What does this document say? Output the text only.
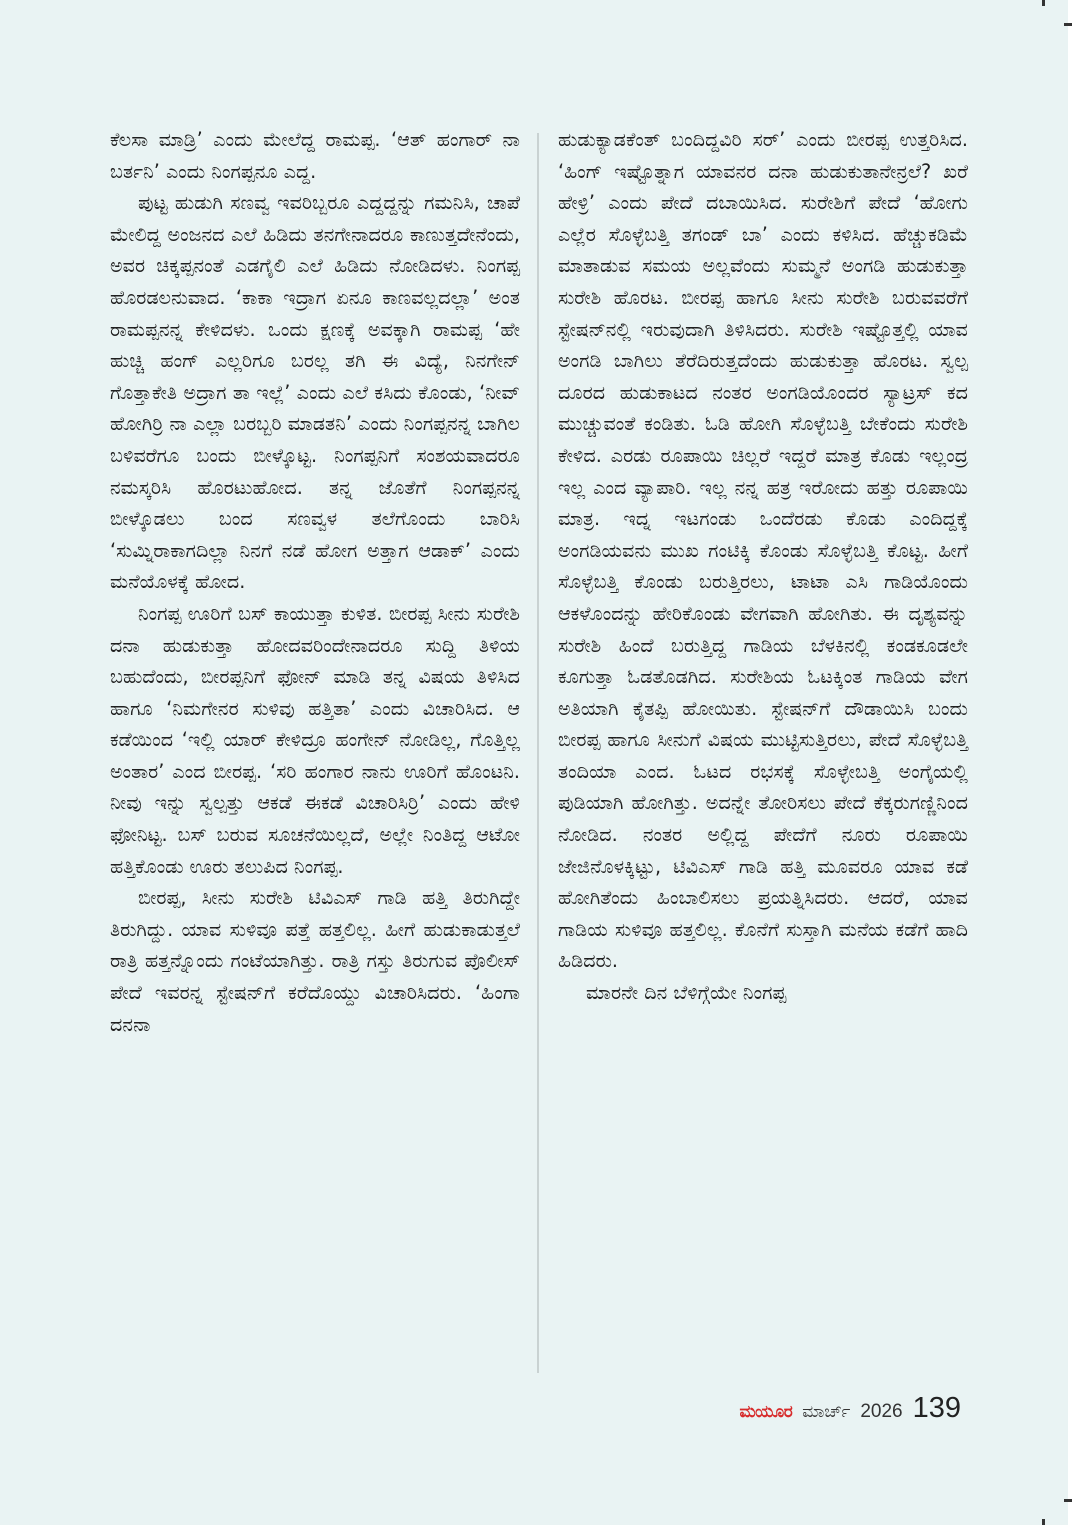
ಕೆಲಸಾ ಮಾಡ್ರಿ’ ಎಂದು ಮೇಲೆದ್ದ ರಾಮಪ್ಪ. ‘ಆತ್ ಹಂಗಾರ್ ನಾ ಬರ್ತನಿ’ ಎಂದು ನಿಂಗಪ್ಪನೂ ಎದ್ದ.

ಪುಟ್ಟ ಹುಡುಗಿ ಸಣವ್ವ ಇವರಿಬ್ಬರೂ ಎದ್ದದ್ದನ್ನು ಗಮನಿಸಿ, ಚಾಪೆ ಮೇಲಿದ್ದ ಅಂಜನದ ಎಲೆ ಹಿಡಿದು ತನಗೇನಾದರೂ ಕಾಣುತ್ತದೇನೆಂದು, ಅವರ ಚಿಕ್ಕಪ್ಪನಂತೆ ಎಡಗೈಲಿ ಎಲೆ ಹಿಡಿದು ನೋಡಿದಳು. ನಿಂಗಪ್ಪ ಹೊರಡಲನುವಾದ. ‘ಕಾಕಾ ಇದ್ರಾಗ ಏನೂ ಕಾಣವಲ್ಲದಲ್ಲಾ’ ಅಂತ ರಾಮಪ್ಪನನ್ನ ಕೇಳಿದಳು. ಒಂದು ಕ್ಷಣಕ್ಕೆ ಅವಕ್ಕಾಗಿ ರಾಮಪ್ಪ ‘ಹೇ ಹುಚ್ಚಿ ಹಂಗ್ ಎಲ್ಲರಿಗೂ ಬರಲ್ಲ ತಗಿ ಈ ವಿದ್ಯೆ, ನಿನಗೇನ್ ಗೊತ್ತಾಕೇತಿ ಅದ್ರಾಗ ತಾ ಇಲ್ಲೆ’ ಎಂದು ಎಲೆ ಕಸಿದು ಕೊಂಡು, ‘ನೀವ್ ಹೋಗಿರ್ರಿ ನಾ ಎಲ್ಲಾ ಬರಬ್ಬರಿ ಮಾಡತನಿ’ ಎಂದು ನಿಂಗಪ್ಪನನ್ನ ಬಾಗಿಲ ಬಳಿವರೆಗೂ ಬಂದು ಬೀಳ್ಕೊಟ್ಟ. ನಿಂಗಪ್ಪನಿಗೆ ಸಂಶಯವಾದರೂ ನಮಸ್ಕರಿಸಿ ಹೊರಟುಹೋದ. ತನ್ನ ಜೊತೆಗೆ ನಿಂಗಪ್ಪನನ್ನ ಬೀಳ್ಕೊಡಲು ಬಂದ ಸಣವ್ವಳ ತಲೆಗೊಂದು ಬಾರಿಸಿ ‘ಸುಮ್ನಿರಾಕಾಗದಿಲ್ಲಾ ನಿನಗೆ ನಡೆ ಹೋಗ ಅತ್ತಾಗ ಆಡಾಕ್’ ಎಂದು ಮನೆಯೊಳಕ್ಕೆ ಹೋದ.

ನಿಂಗಪ್ಪ ಊರಿಗೆ ಬಸ್ ಕಾಯುತ್ತಾ ಕುಳಿತ. ಬೀರಪ್ಪ ಸೀನು ಸುರೇಶಿ ದನಾ ಹುಡುಕುತ್ತಾ ಹೋದವರಿಂದೇನಾದರೂ ಸುದ್ದಿ ತಿಳಿಯ ಬಹುದೆಂದು, ಬೀರಪ್ಪನಿಗೆ ಫೋನ್ ಮಾಡಿ ತನ್ನ ವಿಷಯ ತಿಳಿಸಿದ ಹಾಗೂ ‘ನಿಮಗೇನರ ಸುಳಿವು ಹತ್ತಿತಾ’ ಎಂದು ವಿಚಾರಿಸಿದ. ಆ ಕಡೆಯಿಂದ ‘ಇಲ್ಲಿ ಯಾರ್ ಕೇಳಿದ್ರೂ ಹಂಗೇನ್ ನೋಡಿಲ್ಲ, ಗೊತ್ತಿಲ್ಲ ಅಂತಾರ’ ಎಂದ ಬೀರಪ್ಪ. ‘ಸರಿ ಹಂಗಾರ ನಾನು ಊರಿಗೆ ಹೊಂಟನಿ. ನೀವು ಇನ್ನು ಸ್ವಲ್ಪತ್ತು ಆಕಡೆ ಈಕಡೆ ವಿಚಾರಿಸಿರ್ರಿ’ ಎಂದು ಹೇಳಿ ಫೋನಿಟ್ಟ. ಬಸ್ ಬರುವ ಸೂಚನೆಯಿಲ್ಲದೆ, ಅಲ್ಲೇ ನಿಂತಿದ್ದ ಆಟೋ ಹತ್ತಿಕೊಂಡು ಊರು ತಲುಪಿದ ನಿಂಗಪ್ಪ.

ಬೀರಪ್ಪ, ಸೀನು ಸುರೇಶಿ ಟಿವಿಎಸ್ ಗಾಡಿ ಹತ್ತಿ ತಿರುಗಿದ್ದೇ ತಿರುಗಿದ್ದು. ಯಾವ ಸುಳಿವೂ ಪತ್ತೆ ಹತ್ತಲಿಲ್ಲ. ಹೀಗೆ ಹುಡುಕಾಡುತ್ತಲೆ ರಾತ್ರಿ ಹತ್ತನ್ನೊಂದು ಗಂಟೆಯಾಗಿತ್ತು. ರಾತ್ರಿ ಗಸ್ತು ತಿರುಗುವ ಪೊಲೀಸ್ ಪೇದೆ ಇವರನ್ನ ಸ್ಟೇಷನ್‌ಗೆ ಕರೆದೊಯ್ದು ವಿಚಾರಿಸಿದರು. ‘ಹಿಂಗಾ ದನನಾ

ಹುಡುಕ್ಯಾಡಕೆಂತ್ ಬಂದಿದ್ದವಿರಿ ಸರ್’ ಎಂದು ಬೀರಪ್ಪ ಉತ್ತರಿಸಿದ. ‘ಹಿಂಗ್ ಇಷ್ಟೊತ್ನಾಗ ಯಾವನರ ದನಾ ಹುಡುಕುತಾನೇನ್ರಲೆ? ಖರೆ ಹೇಳ್ರಿ’ ಎಂದು ಪೇದೆ ದಬಾಯಿಸಿದ. ಸುರೇಶಿಗೆ ಪೇದೆ ‘ಹೋಗು ಎಲ್ಲೆರ ಸೊಳ್ಳೆಬತ್ತಿ ತಗಂಡ್ ಬಾ’ ಎಂದು ಕಳಿಸಿದ. ಹೆಚ್ಚುಕಡಿಮೆ ಮಾತಾಡುವ ಸಮಯ ಅಲ್ಲವೆಂದು ಸುಮ್ಮನೆ ಅಂಗಡಿ ಹುಡುಕುತ್ತಾ ಸುರೇಶಿ ಹೊರಟ. ಬೀರಪ್ಪ ಹಾಗೂ ಸೀನು ಸುರೇಶಿ ಬರುವವರೆಗೆ ಸ್ಟೇಷನ್‌ನಲ್ಲಿ ಇರುವುದಾಗಿ ತಿಳಿಸಿದರು. ಸುರೇಶಿ ಇಷ್ಟೊತ್ತಲ್ಲಿ ಯಾವ ಅಂಗಡಿ ಬಾಗಿಲು ತೆರೆದಿರುತ್ತದೆಂದು ಹುಡುಕುತ್ತಾ ಹೊರಟ. ಸ್ವಲ್ಪ ದೂರದ ಹುಡುಕಾಟದ ನಂತರ ಅಂಗಡಿಯೊಂದರ ಸ್ಯಾಟ್ರಸ್ ಕದ ಮುಚ್ಚುವಂತೆ ಕಂಡಿತು. ಓಡಿ ಹೋಗಿ ಸೊಳ್ಳೆಬತ್ತಿ ಬೇಕೆಂದು ಸುರೇಶಿ ಕೇಳಿದ. ಎರಡು ರೂಪಾಯಿ ಚಿಲ್ಲರೆ ಇದ್ದರೆ ಮಾತ್ರ ಕೊಡು ಇಲ್ಲಂದ್ರ ಇಲ್ಲ ಎಂದ ವ್ಯಾಪಾರಿ. ಇಲ್ಲ ನನ್ನ ಹತ್ರ ಇರೋದು ಹತ್ತು ರೂಪಾಯಿ ಮಾತ್ರ. ಇದ್ನ ಇಟಗಂಡು ಒಂದೆರಡು ಕೊಡು ಎಂದಿದ್ದಕ್ಕೆ ಅಂಗಡಿಯವನು ಮುಖ ಗಂಟಿಕ್ಕಿ ಕೊಂಡು ಸೊಳ್ಳೆಬತ್ತಿ ಕೊಟ್ಟ. ಹೀಗೆ ಸೊಳ್ಳೆಬತ್ತಿ ಕೊಂಡು ಬರುತ್ತಿರಲು, ಟಾಟಾ ಎಸಿ ಗಾಡಿಯೊಂದು ಆಕಳೊಂದನ್ನು ಹೇರಿಕೊಂಡು ವೇಗವಾಗಿ ಹೋಗಿತು. ಈ ದೃಶ್ಯವನ್ನು ಸುರೇಶಿ ಹಿಂದೆ ಬರುತ್ತಿದ್ದ ಗಾಡಿಯ ಬೆಳಕಿನಲ್ಲಿ ಕಂಡಕೂಡಲೇ ಕೂಗುತ್ತಾ ಓಡತೊಡಗಿದ. ಸುರೇಶಿಯ ಓಟಕ್ಕಿಂತ ಗಾಡಿಯ ವೇಗ ಅತಿಯಾಗಿ ಕೈತಪ್ಪಿ ಹೋಯಿತು. ಸ್ಟೇಷನ್‌ಗೆ ದೌಡಾಯಿಸಿ ಬಂದು ಬೀರಪ್ಪ ಹಾಗೂ ಸೀನುಗೆ ವಿಷಯ ಮುಟ್ಟಿಸುತ್ತಿರಲು, ಪೇದೆ ಸೊಳ್ಳೆಬತ್ತಿ ತಂದಿಯಾ ಎಂದ. ಓಟದ ರಭಸಕ್ಕೆ ಸೊಳ್ಳೇಬತ್ತಿ ಅಂಗೈಯಲ್ಲಿ ಪುಡಿಯಾಗಿ ಹೋಗಿತ್ತು. ಅದನ್ನೇ ತೋರಿಸಲು ಪೇದೆ ಕೆಕ್ಕರುಗಣ್ಣಿನಿಂದ ನೋಡಿದ. ನಂತರ ಅಲ್ಲಿದ್ದ ಪೇದೆಗೆ ನೂರು ರೂಪಾಯಿ ಜೇಜಿನೊಳಕ್ಕಿಟ್ಟು, ಟಿವಿಎಸ್ ಗಾಡಿ ಹತ್ತಿ ಮೂವರೂ ಯಾವ ಕಡೆ ಹೋಗಿತೆಂದು ಹಿಂಬಾಲಿಸಲು ಪ್ರಯತ್ನಿಸಿದರು. ಆದರೆ, ಯಾವ ಗಾಡಿಯ ಸುಳಿವೂ ಹತ್ತಲಿಲ್ಲ. ಕೊನೆಗೆ ಸುಸ್ತಾಗಿ ಮನೆಯ ಕಡೆಗೆ ಹಾದಿ ಹಿಡಿದರು.

ಮಾರನೇ ದಿನ ಬೆಳಿಗ್ಗೆಯೇ ನಿಂಗಪ್ಪ

ಮಯೂರ ಮಾರ್ಚ್ 2026 139
